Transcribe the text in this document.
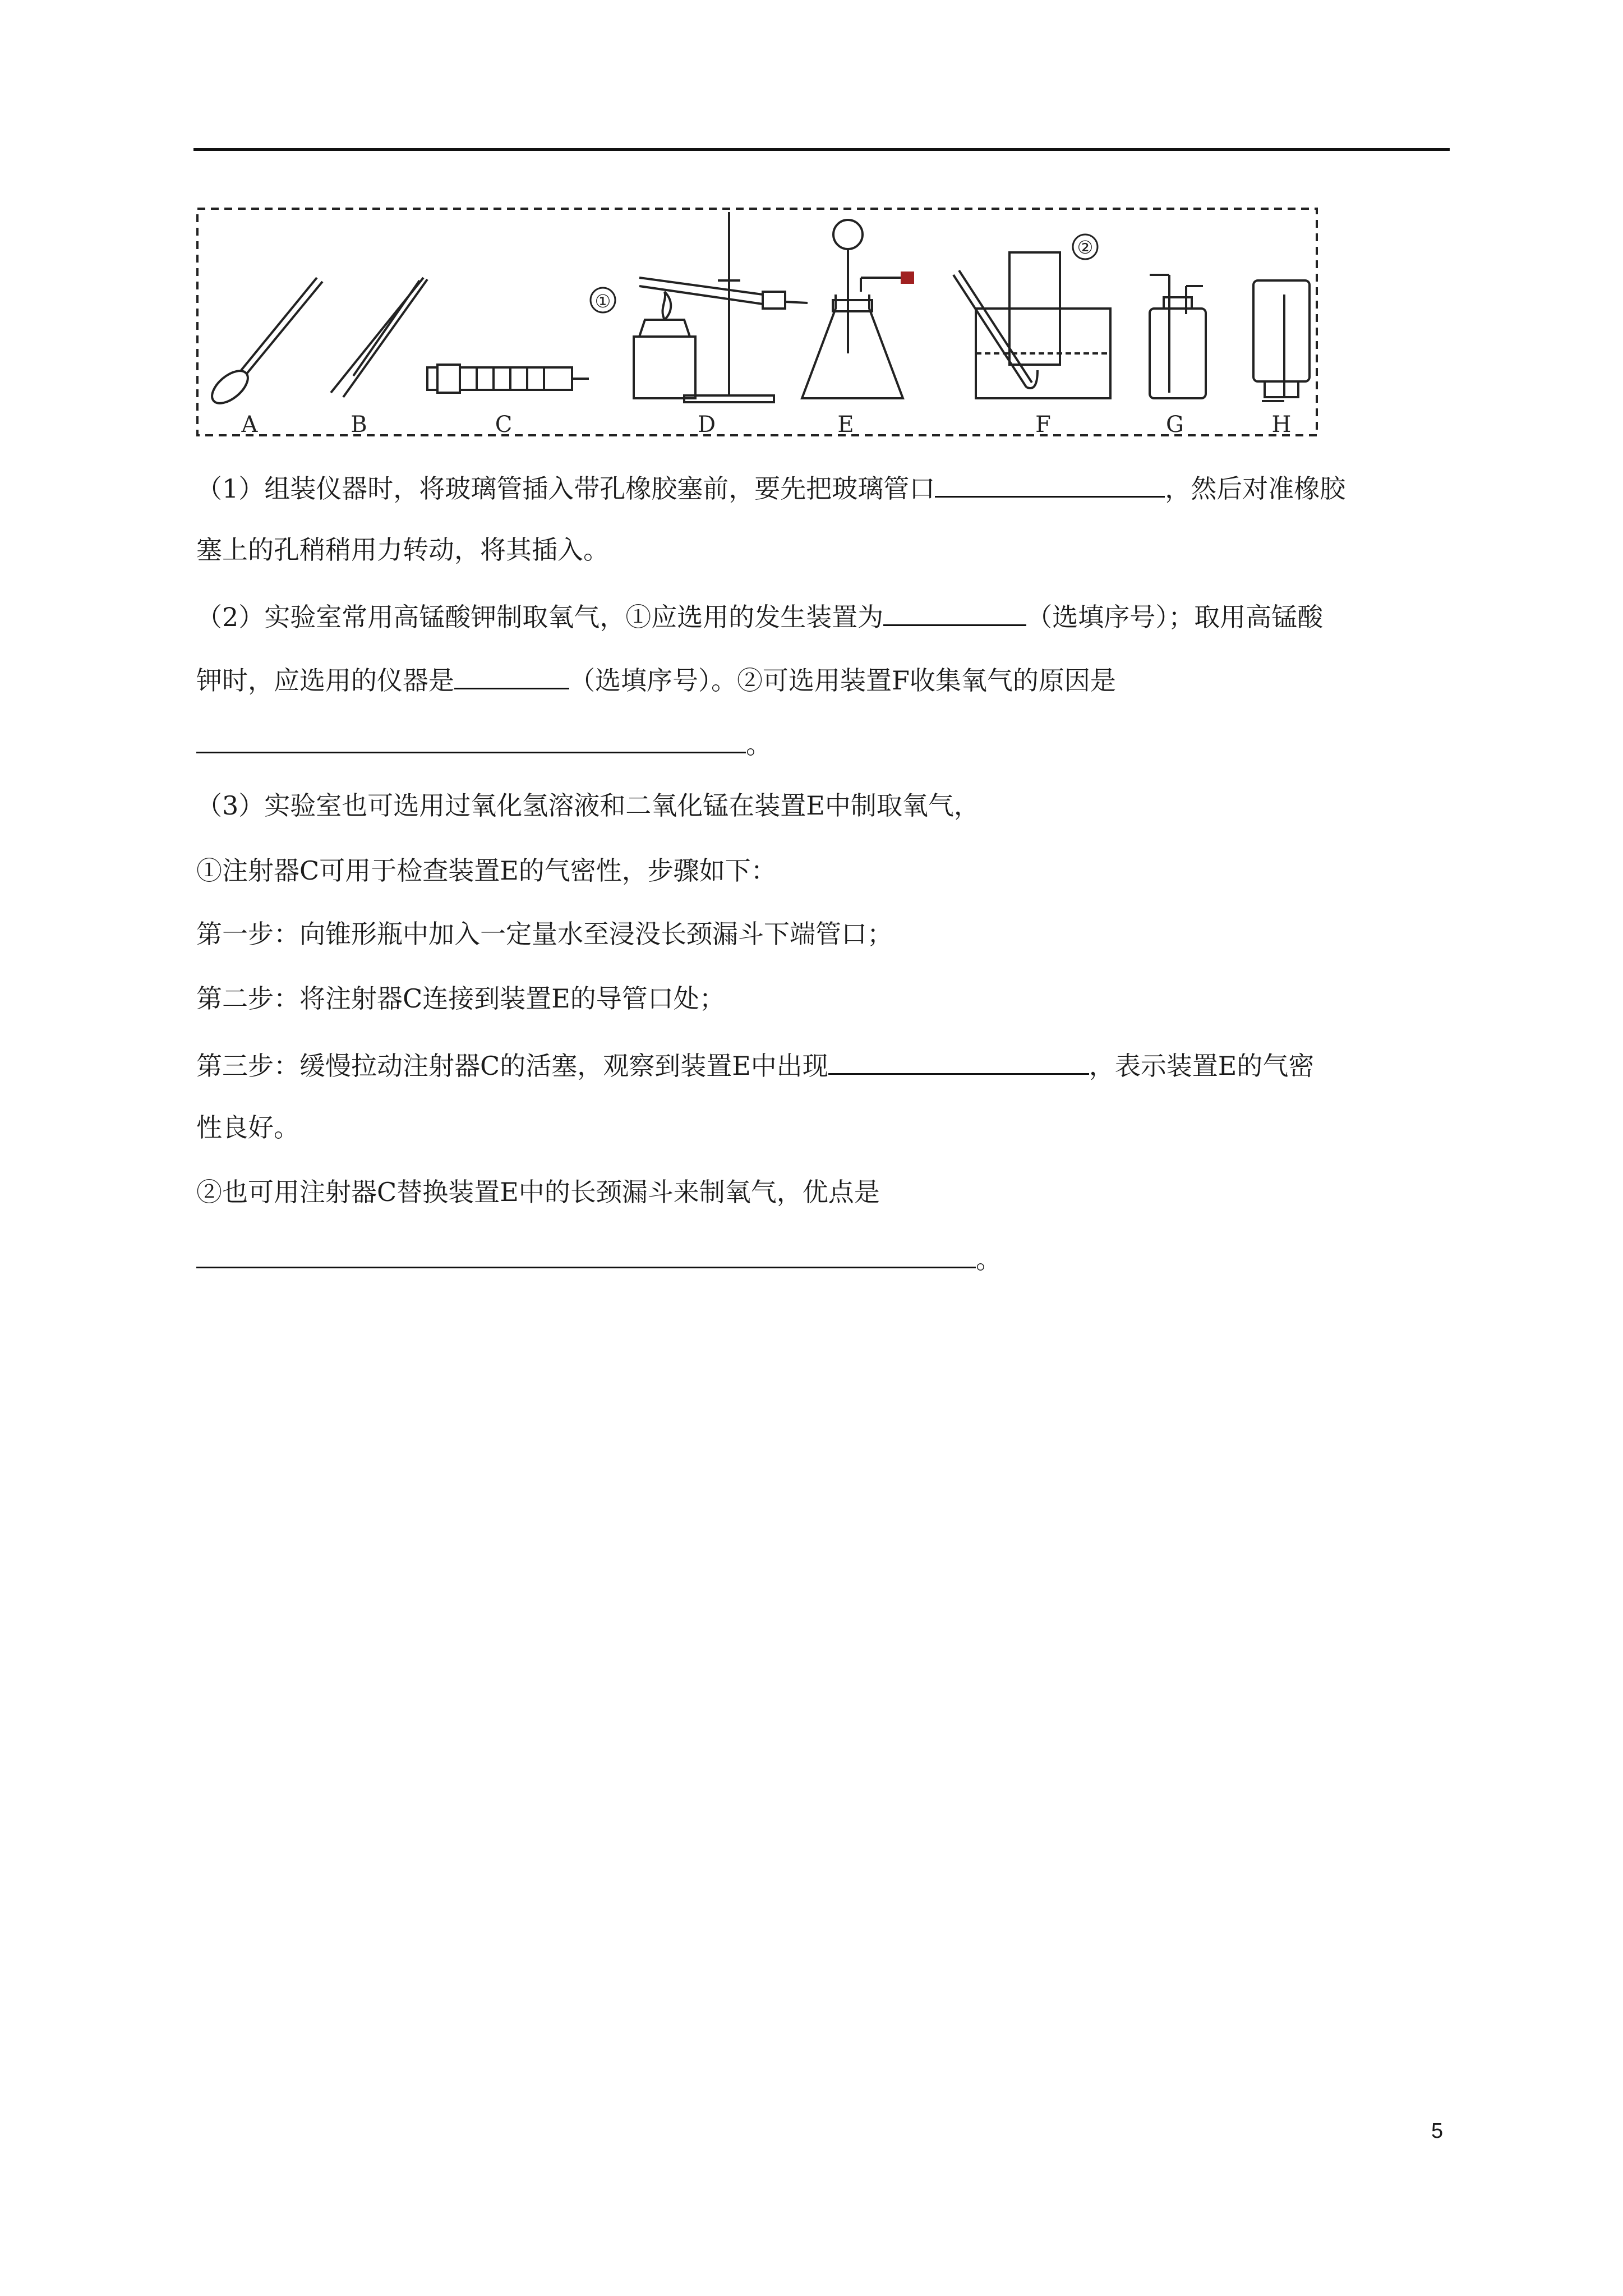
A	B	C	D	E	F	G	H
①
②
（1）组装仪器时，将玻璃管插入带孔橡胶塞前，要先把玻璃管口	，然后对准橡胶
塞上的孔稍稍用力转动，将其插入。
（2）实验室常用高锰酸钾制取氧气，①应选用的发生装置为	（选填序号）；取用高锰酸
钾时，应选用的仪器是	（选填序号）。②可选用装置F收集氧气的原因是
。
（3）实验室也可选用过氧化氢溶液和二氧化锰在装置E中制取氧气，
①注射器C可用于检查装置E的气密性，步骤如下：
第一步：向锥形瓶中加入一定量水至浸没长颈漏斗下端管口；
第二步：将注射器C连接到装置E的导管口处；
第三步：缓慢拉动注射器C的活塞，观察到装置E中出现	，表示装置E的气密
性良好。
②也可用注射器C替换装置E中的长颈漏斗来制氧气，优点是
。
5
